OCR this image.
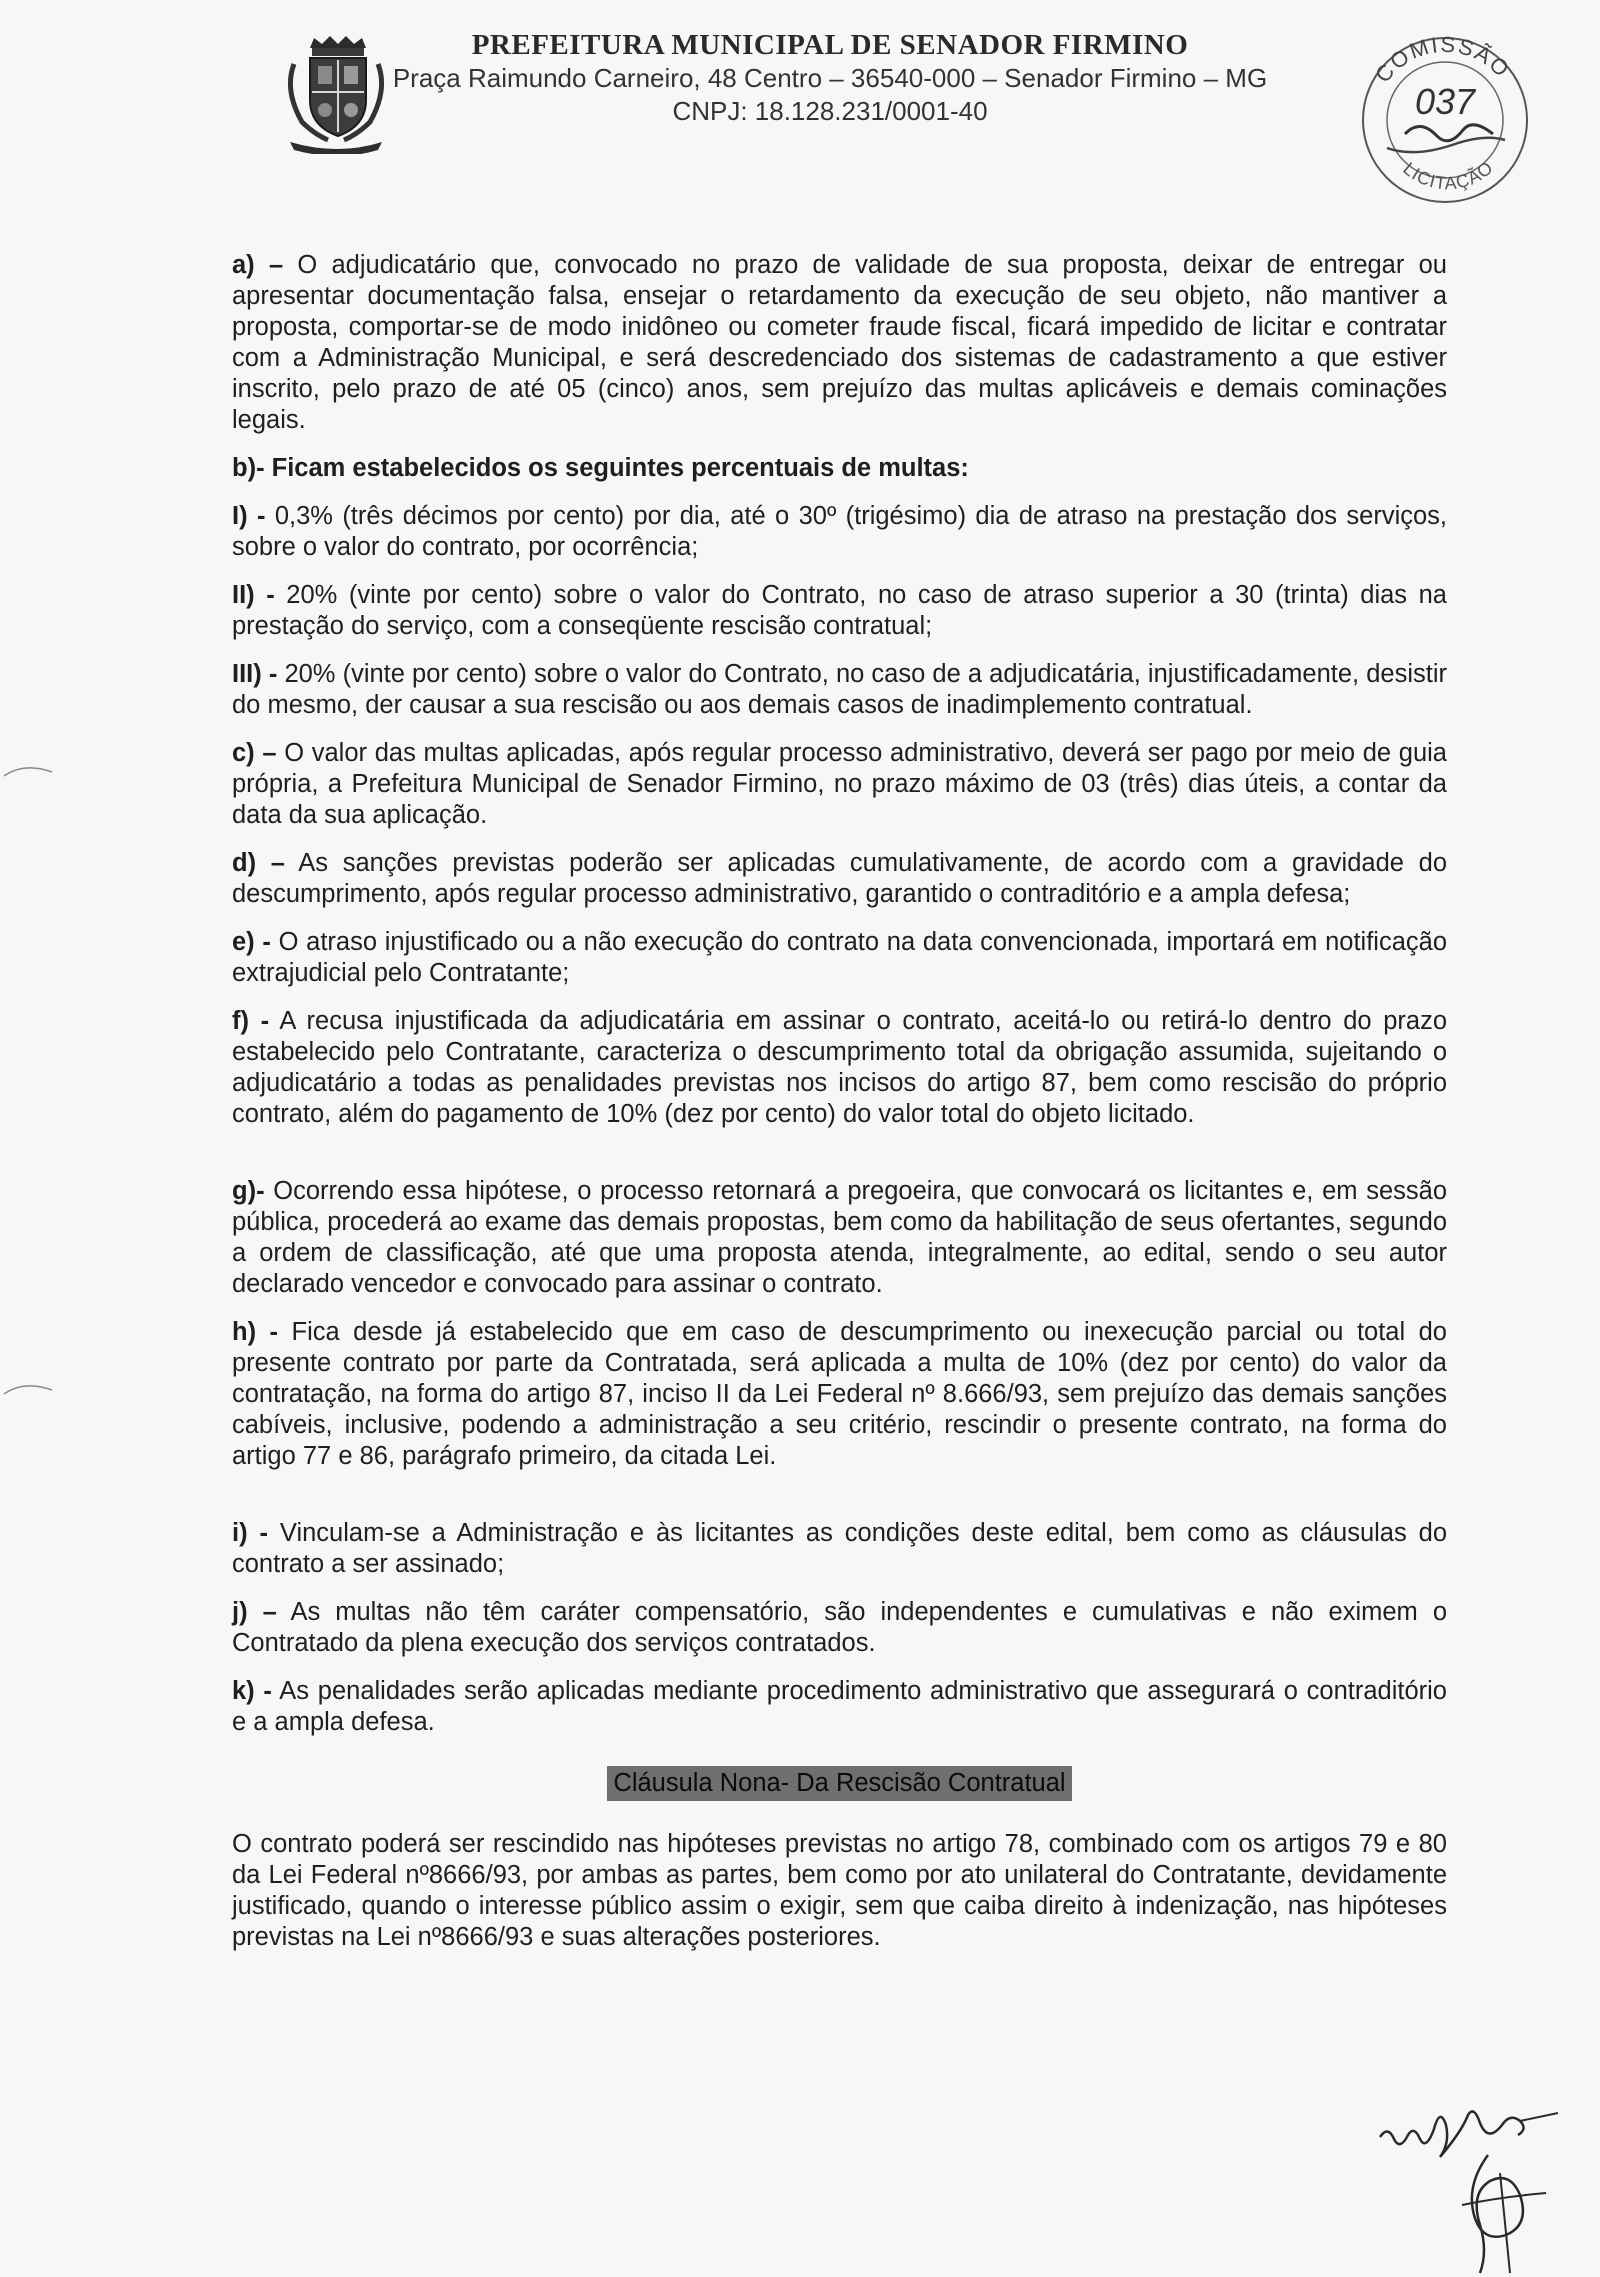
PREFEITURA MUNICIPAL DE SENADOR FIRMINO
Praça Raimundo Carneiro, 48 Centro – 36540-000 – Senador Firmino – MG
CNPJ: 18.128.231/0001-40
COMISSÃO
LICITAÇÃO
037

a) – O adjudicatário que, convocado no prazo de validade de sua proposta, deixar de entregar ou apresentar documentação falsa, ensejar o retardamento da execução de seu objeto, não mantiver a proposta, comportar-se de modo inidôneo ou cometer fraude fiscal, ficará impedido de licitar e contratar com a Administração Municipal, e será descredenciado dos sistemas de cadastramento a que estiver inscrito, pelo prazo de até 05 (cinco) anos, sem prejuízo das multas aplicáveis e demais cominações legais.

b)- Ficam estabelecidos os seguintes percentuais de multas:

I) - 0,3% (três décimos por cento) por dia, até o 30º (trigésimo) dia de atraso na prestação dos serviços, sobre o valor do contrato, por ocorrência;

II) - 20% (vinte por cento) sobre o valor do Contrato, no caso de atraso superior a 30 (trinta) dias na prestação do serviço, com a conseqüente rescisão contratual;

III) - 20% (vinte por cento) sobre o valor do Contrato, no caso de a adjudicatária, injustificadamente, desistir do mesmo, der causar a sua rescisão ou aos demais casos de inadimplemento contratual.

c) – O valor das multas aplicadas, após regular processo administrativo, deverá ser pago por meio de guia própria, a Prefeitura Municipal de Senador Firmino, no prazo máximo de 03 (três) dias úteis, a contar da data da sua aplicação.

d) – As sanções previstas poderão ser aplicadas cumulativamente, de acordo com a gravidade do descumprimento, após regular processo administrativo, garantido o contraditório e a ampla defesa;

e) - O atraso injustificado ou a não execução do contrato na data convencionada, importará em notificação extrajudicial pelo Contratante;

f) - A recusa injustificada da adjudicatária em assinar o contrato, aceitá-lo ou retirá-lo dentro do prazo estabelecido pelo Contratante, caracteriza o descumprimento total da obrigação assumida, sujeitando o adjudicatário a todas as penalidades previstas nos incisos do artigo 87, bem como rescisão do próprio contrato, além do pagamento de 10% (dez por cento) do valor total do objeto licitado.

g)- Ocorrendo essa hipótese, o processo retornará a pregoeira, que convocará os licitantes e, em sessão pública, procederá ao exame das demais propostas, bem como da habilitação de seus ofertantes, segundo a ordem de classificação, até que uma proposta atenda, integralmente, ao edital, sendo o seu autor declarado vencedor e convocado para assinar o contrato.

h) - Fica desde já estabelecido que em caso de descumprimento ou inexecução parcial ou total do presente contrato por parte da Contratada, será aplicada a multa de 10% (dez por cento) do valor da contratação, na forma do artigo 87, inciso II da Lei Federal nº 8.666/93, sem prejuízo das demais sanções cabíveis, inclusive, podendo a administração a seu critério, rescindir o presente contrato, na forma do artigo 77 e 86, parágrafo primeiro, da citada Lei.

i) - Vinculam-se a Administração e às licitantes as condições deste edital, bem como as cláusulas do contrato a ser assinado;

j) – As multas não têm caráter compensatório, são independentes e cumulativas e não eximem o Contratado da plena execução dos serviços contratados.

k) - As penalidades serão aplicadas mediante procedimento administrativo que assegurará o contraditório e a ampla defesa.

Cláusula Nona- Da Rescisão Contratual

O contrato poderá ser rescindido nas hipóteses previstas no artigo 78, combinado com os artigos 79 e 80 da Lei Federal nº8666/93, por ambas as partes, bem como por ato unilateral do Contratante, devidamente justificado, quando o interesse público assim o exigir, sem que caiba direito à indenização, nas hipóteses previstas na Lei nº8666/93 e suas alterações posteriores.
